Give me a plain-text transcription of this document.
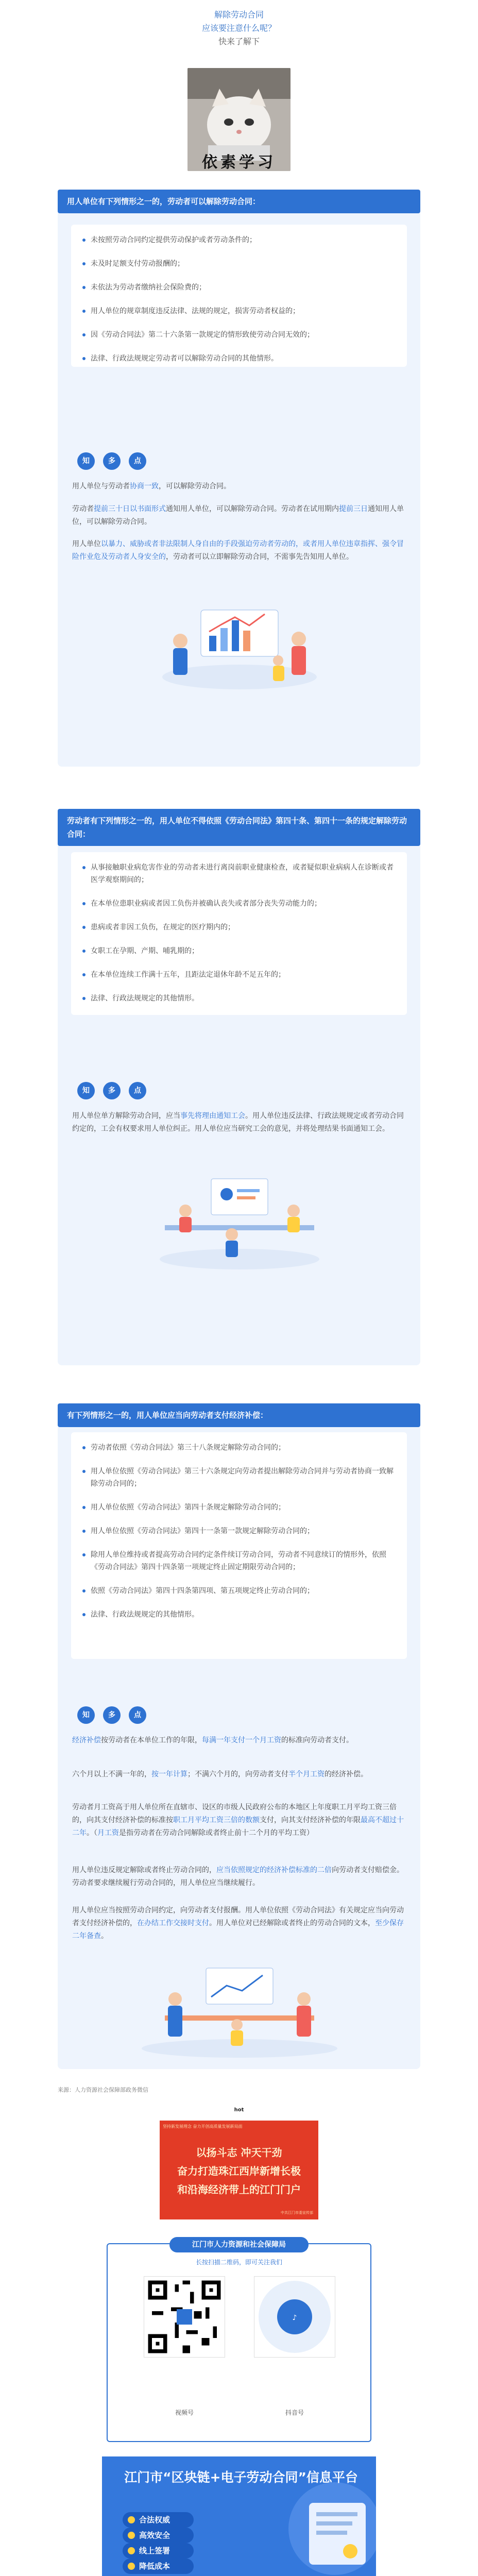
解除劳动合同
应该要注意什么呢？
快来了解下
依素学习
用人单位有下列情形之一的，劳动者可以解除劳动合同：
未按照劳动合同约定提供劳动保护或者劳动条件的；
未及时足额支付劳动报酬的；
未依法为劳动者缴纳社会保险费的；
用人单位的规章制度违反法律、法规的规定，损害劳动者权益的；
因《劳动合同法》第二十六条第一款规定的情形致使劳动合同无效的；
法律、行政法规规定劳动者可以解除劳动合同的其他情形。
知	多	点
用人单位与劳动者协商一致，可以解除劳动合同。
劳动者提前三十日以书面形式通知用人单位，可以解除劳动合同。劳动者在试用期内提前三日通知用人单位，可以解除劳动合同。
用人单位以暴力、威胁或者非法限制人身自由的手段强迫劳动者劳动的，或者用人单位违章指挥、强令冒险作业危及劳动者人身安全的，劳动者可以立即解除劳动合同，不需事先告知用人单位。
劳动者有下列情形之一的，用人单位不得依照《劳动合同法》第四十条、第四十一条的规定解除劳动合同：
从事接触职业病危害作业的劳动者未进行离岗前职业健康检查，或者疑似职业病病人在诊断或者医学观察期间的；
在本单位患职业病或者因工负伤并被确认丧失或者部分丧失劳动能力的；
患病或者非因工负伤，在规定的医疗期内的；
女职工在孕期、产期、哺乳期的；
在本单位连续工作满十五年，且距法定退休年龄不足五年的；
法律、行政法规规定的其他情形。
知	多	点
用人单位单方解除劳动合同，应当事先将理由通知工会。用人单位违反法律、行政法规规定或者劳动合同约定的，工会有权要求用人单位纠正。用人单位应当研究工会的意见，并将处理结果书面通知工会。
有下列情形之一的，用人单位应当向劳动者支付经济补偿：
劳动者依照《劳动合同法》第三十八条规定解除劳动合同的；
用人单位依照《劳动合同法》第三十六条规定向劳动者提出解除劳动合同并与劳动者协商一致解除劳动合同的；
用人单位依照《劳动合同法》第四十条规定解除劳动合同的；
用人单位依照《劳动合同法》第四十一条第一款规定解除劳动合同的；
除用人单位维持或者提高劳动合同约定条件续订劳动合同，劳动者不同意续订的情形外，依照《劳动合同法》第四十四条第一项规定终止固定期限劳动合同的；
依照《劳动合同法》第四十四条第四项、第五项规定终止劳动合同的；
法律、行政法规规定的其他情形。
知	多	点
经济补偿按劳动者在本单位工作的年限，每满一年支付一个月工资的标准向劳动者支付。
六个月以上不满一年的，按一年计算；不满六个月的，向劳动者支付半个月工资的经济补偿。
劳动者月工资高于用人单位所在直辖市、设区的市级人民政府公布的本地区上年度职工月平均工资三倍的，向其支付经济补偿的标准按职工月平均工资三倍的数额支付，向其支付经济补偿的年限最高不超过十二年。（月工资是指劳动者在劳动合同解除或者终止前十二个月的平均工资）
用人单位违反规定解除或者终止劳动合同的，应当依照规定的经济补偿标准的二倍向劳动者支付赔偿金。劳动者要求继续履行劳动合同的，用人单位应当继续履行。
用人单位应当按照劳动合同约定，向劳动者支付报酬。用人单位依照《劳动合同法》有关规定应当向劳动者支付经济补偿的，在办结工作交接时支付。用人单位对已经解除或者终止的劳动合同的文本，至少保存二年备查。
来源：人力资源社会保障部政务微信
hot
坚持新发展理念 奋力开创高质量发展新局面
以扬斗志 冲天干劲
奋力打造珠江西岸新增长极
和沿海经济带上的江门门户
中共江门市委宣传部
江门市人力资源和社会保障局
长按扫描二维码，即可关注我们
♪
视频号	抖音号
江门市“区块链+电子劳动合同”信息平台
合法权威
高效安全
线上签署
降低成本
